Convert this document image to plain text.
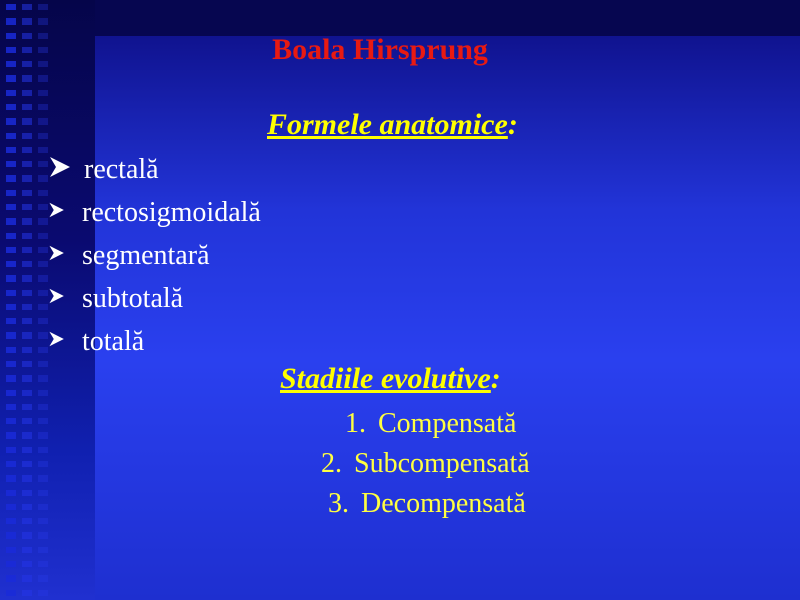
Boala Hirsprung
Formele anatomice:
rectală
rectosigmoidală
segmentară
subtotală
totală
Stadiile evolutive:
1. Compensată
2. Subcompensată
3. Decompensată
